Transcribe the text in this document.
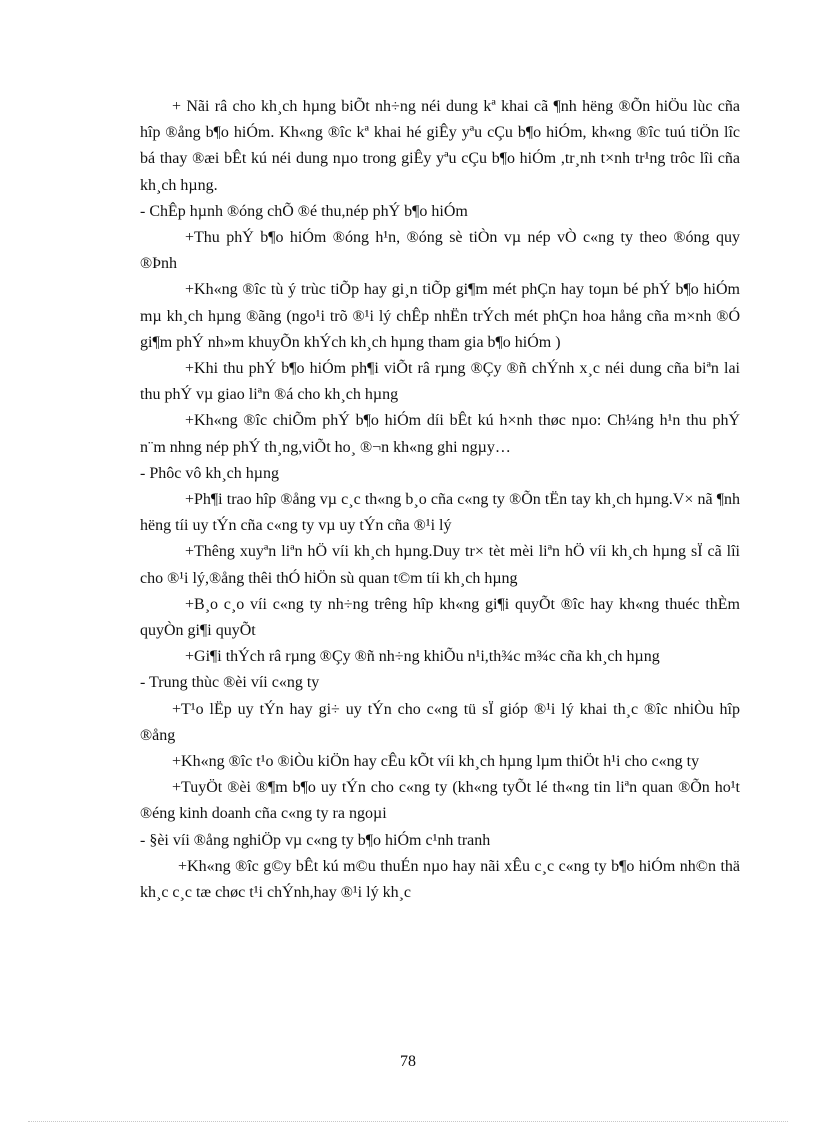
+ Nãi râ cho kh¸ch hµng biÕt nh÷ng néi dung kª khai cã ¶nh hëng ®Õn hiÖu lùc cña hîp ®ång b¶o hiÓm. Kh«ng ®îc kª khai hé giÊy yªu cÇu b¶o hiÓm, kh«ng ®îc tuú tiÖn lîc bá thay ®æi bÊt kú néi dung nµo trong giÊy yªu cÇu b¶o hiÓm ,tr¸nh t×nh tr¹ng trôc lîi cña kh¸ch hµng.

- ChÊp hµnh ®óng chÕ ®é thu,nép phÝ b¶o hiÓm

+Thu phÝ b¶o hiÓm ®óng h¹n, ®óng sè tiÒn vµ nép vÒ c«ng ty theo ®óng quy ®Þnh

+Kh«ng ®îc tù ý trùc tiÕp hay gi¸n tiÕp gi¶m mét phÇn hay toµn bé phÝ b¶o hiÓm mµ kh¸ch hµng ®ãng (ngo¹i trõ ®¹i lý chÊp nhËn trÝch mét phÇn hoa hång cña m×nh ®Ó gi¶m phÝ nh»m khuyÕn khÝch kh¸ch hµng tham gia b¶o hiÓm )

+Khi thu phÝ b¶o hiÓm ph¶i viÕt râ rµng ®Çy ®ñ chÝnh x¸c néi dung cña biªn lai thu phÝ vµ giao liªn ®á cho kh¸ch hµng

+Kh«ng ®îc chiÕm phÝ b¶o hiÓm díi bÊt kú h×nh thøc nµo: Ch¼ng h¹n thu phÝ n¨m nhng nép phÝ th¸ng,viÕt ho¸ ®¬n kh«ng ghi ngµy…

- Phôc vô kh¸ch hµng

+Ph¶i trao hîp ®ång vµ c¸c th«ng b¸o cña c«ng ty ®Õn tËn tay kh¸ch hµng.V× nã ¶nh hëng tíi uy tÝn cña c«ng ty vµ uy tÝn cña ®¹i lý

+Thêng xuyªn liªn hÖ víi kh¸ch hµng.Duy tr× tèt mèi liªn hÖ víi kh¸ch hµng sÏ cã lîi cho ®¹i lý,®ång thêi thÓ hiÖn sù quan t©m tíi kh¸ch hµng

+B¸o c¸o víi c«ng ty nh÷ng trêng hîp kh«ng gi¶i quyÕt ®îc hay kh«ng thuéc thÈm quyÒn gi¶i quyÕt

+Gi¶i thÝch râ rµng ®Çy ®ñ nh÷ng khiÕu n¹i,th¾c m¾c cña kh¸ch hµng

- Trung thùc ®èi víi c«ng ty

+T¹o lËp uy tÝn hay gi÷ uy tÝn cho c«ng tü sÏ gióp ®¹i lý khai th¸c ®îc nhiÒu hîp ®ång

+Kh«ng ®îc t¹o ®iÒu kiÖn hay cÊu kÕt víi kh¸ch hµng lµm thiÖt h¹i cho c«ng ty

+TuyÖt ®èi ®¶m b¶o uy tÝn cho c«ng ty (kh«ng tyÕt lé th«ng tin liªn quan ®Õn ho¹t ®éng kinh doanh cña c«ng ty ra ngoµi

- §èi víi ®ång nghiÖp vµ c«ng ty b¶o hiÓm c¹nh tranh

+Kh«ng ®îc g©y bÊt kú m©u thuÉn nµo hay nãi xÊu c¸c c«ng ty b¶o hiÓm nh©n thä kh¸c c¸c tæ chøc t¹i chÝnh,hay ®¹i lý kh¸c

78
